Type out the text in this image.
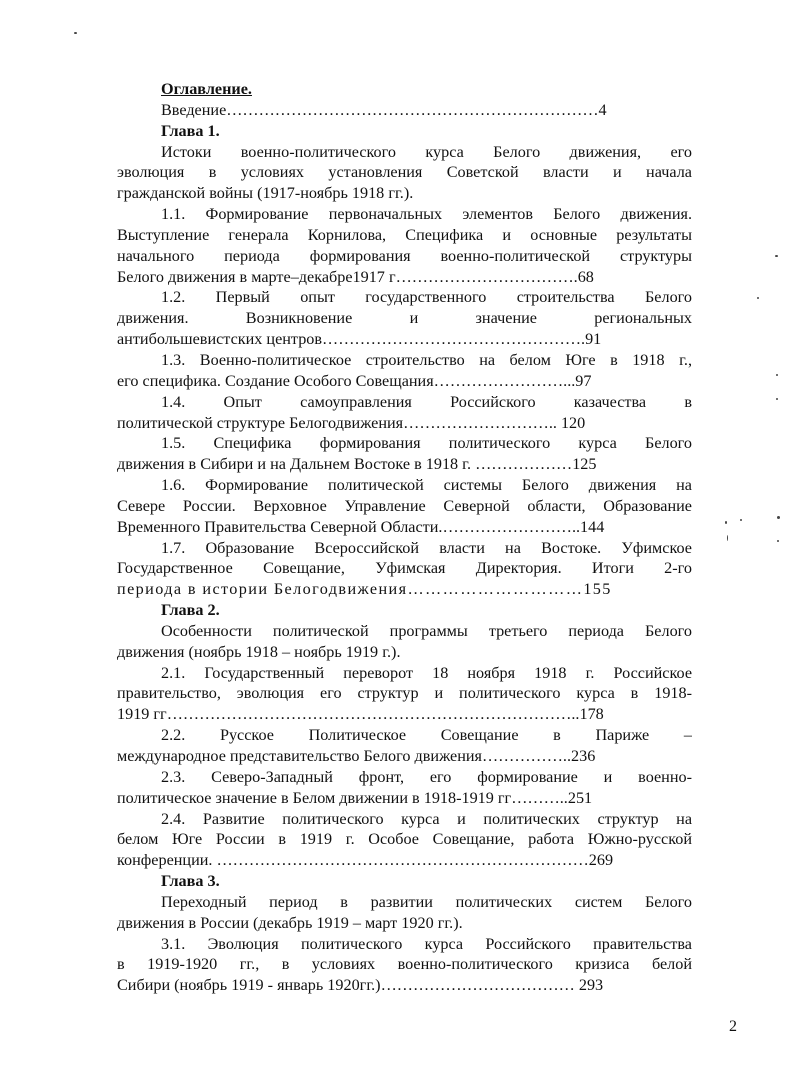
Оглавление.
Введение……………………………………………………………4
Глава 1.
Истоки военно-политического курса Белого движения, его
эволюция в условиях установления Советской власти и начала
гражданской войны (1917-ноябрь 1918 гг.).
1.1. Формирование первоначальных элементов Белого движения.
Выступление генерала Корнилова, Специфика и основные результаты
начального периода формирования военно-политической структуры
Белого движения в марте–декабре1917 г…………………………….68
1.2. Первый опыт государственного строительства Белого
движения. Возникновение и значение региональных
антибольшевистских центров………………………………………….91
1.3. Военно-политическое строительство на белом Юге в 1918 г.,
его специфика. Создание Особого Совещания……………………...97
1.4. Опыт самоуправления Российского казачества в
политической структуре Белогодвижения……………………….. 120
1.5. Специфика формирования политического курса Белого
движения в Сибири и на Дальнем Востоке в 1918 г. ………………125
1.6. Формирование политической системы Белого движения на
Севере России. Верховное Управление Северной области, Образование
Временного Правительства Северной Области.……………………..144
1.7. Образование Всероссийской власти на Востоке. Уфимское
Государственное Совещание, Уфимская Директория. Итоги 2-го
периода в истории Белогодвижения…………………………155
Глава 2.
Особенности политической программы третьего периода Белого
движения (ноябрь 1918 – ноябрь 1919 г.).
2.1. Государственный переворот 18 ноября 1918 г. Российское
правительство, эволюция его структур и политического курса в 1918-
1919 гг…………………………………………………………………..178
2.2. Русское Политическое Совещание в Париже –
международное представительство Белого движения……………..236
2.3. Северо-Западный фронт, его формирование и военно-
политическое значение в Белом движении в 1918-1919 гг………..251
2.4. Развитие политического курса и политических структур на
белом Юге России в 1919 г. Особое Совещание, работа Южно-русской
конференции. ……………………………………………………………269
Глава 3.
Переходный период в развитии политических систем Белого
движения в России (декабрь 1919 – март 1920 гг.).
3.1. Эволюция политического курса Российского правительства
в 1919-1920 гг., в условиях военно-политического кризиса белой
Сибири (ноябрь 1919 - январь 1920гг.)……………………………… 293
2
